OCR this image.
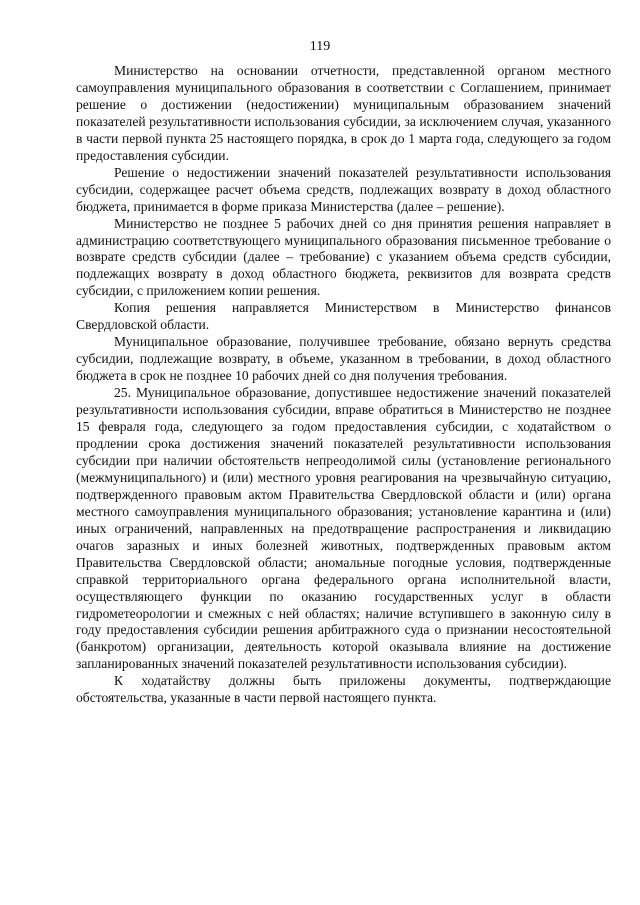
119

Министерство на основании отчетности, представленной органом местного самоуправления муниципального образования в соответствии с Соглашением, принимает решение о достижении (недостижении) муниципальным образованием значений показателей результативности использования субсидии, за исключением случая, указанного в части первой пункта 25 настоящего порядка, в срок до 1 марта года, следующего за годом предоставления субсидии.

Решение о недостижении значений показателей результативности использования субсидии, содержащее расчет объема средств, подлежащих возврату в доход областного бюджета, принимается в форме приказа Министерства (далее – решение).

Министерство не позднее 5 рабочих дней со дня принятия решения направляет в администрацию соответствующего муниципального образования письменное требование о возврате средств субсидии (далее – требование) с указанием объема средств субсидии, подлежащих возврату в доход областного бюджета, реквизитов для возврата средств субсидии, с приложением копии решения.

Копия решения направляется Министерством в Министерство финансов Свердловской области.

Муниципальное образование, получившее требование, обязано вернуть средства субсидии, подлежащие возврату, в объеме, указанном в требовании, в доход областного бюджета в срок не позднее 10 рабочих дней со дня получения требования.

25. Муниципальное образование, допустившее недостижение значений показателей результативности использования субсидии, вправе обратиться в Министерство не позднее 15 февраля года, следующего за годом предоставления субсидии, с ходатайством о продлении срока достижения значений показателей результативности использования субсидии при наличии обстоятельств непреодолимой силы (установление регионального (межмуниципального) и (или) местного уровня реагирования на чрезвычайную ситуацию, подтвержденного правовым актом Правительства Свердловской области и (или) органа местного самоуправления муниципального образования; установление карантина и (или) иных ограничений, направленных на предотвращение распространения и ликвидацию очагов заразных и иных болезней животных, подтвержденных правовым актом Правительства Свердловской области; аномальные погодные условия, подтвержденные справкой территориального органа федерального органа исполнительной власти, осуществляющего функции по оказанию государственных услуг в области гидрометеорологии и смежных с ней областях; наличие вступившего в законную силу в году предоставления субсидии решения арбитражного суда о признании несостоятельной (банкротом) организации, деятельность которой оказывала влияние на достижение запланированных значений показателей результативности использования субсидии).

К ходатайству должны быть приложены документы, подтверждающие обстоятельства, указанные в части первой настоящего пункта.
